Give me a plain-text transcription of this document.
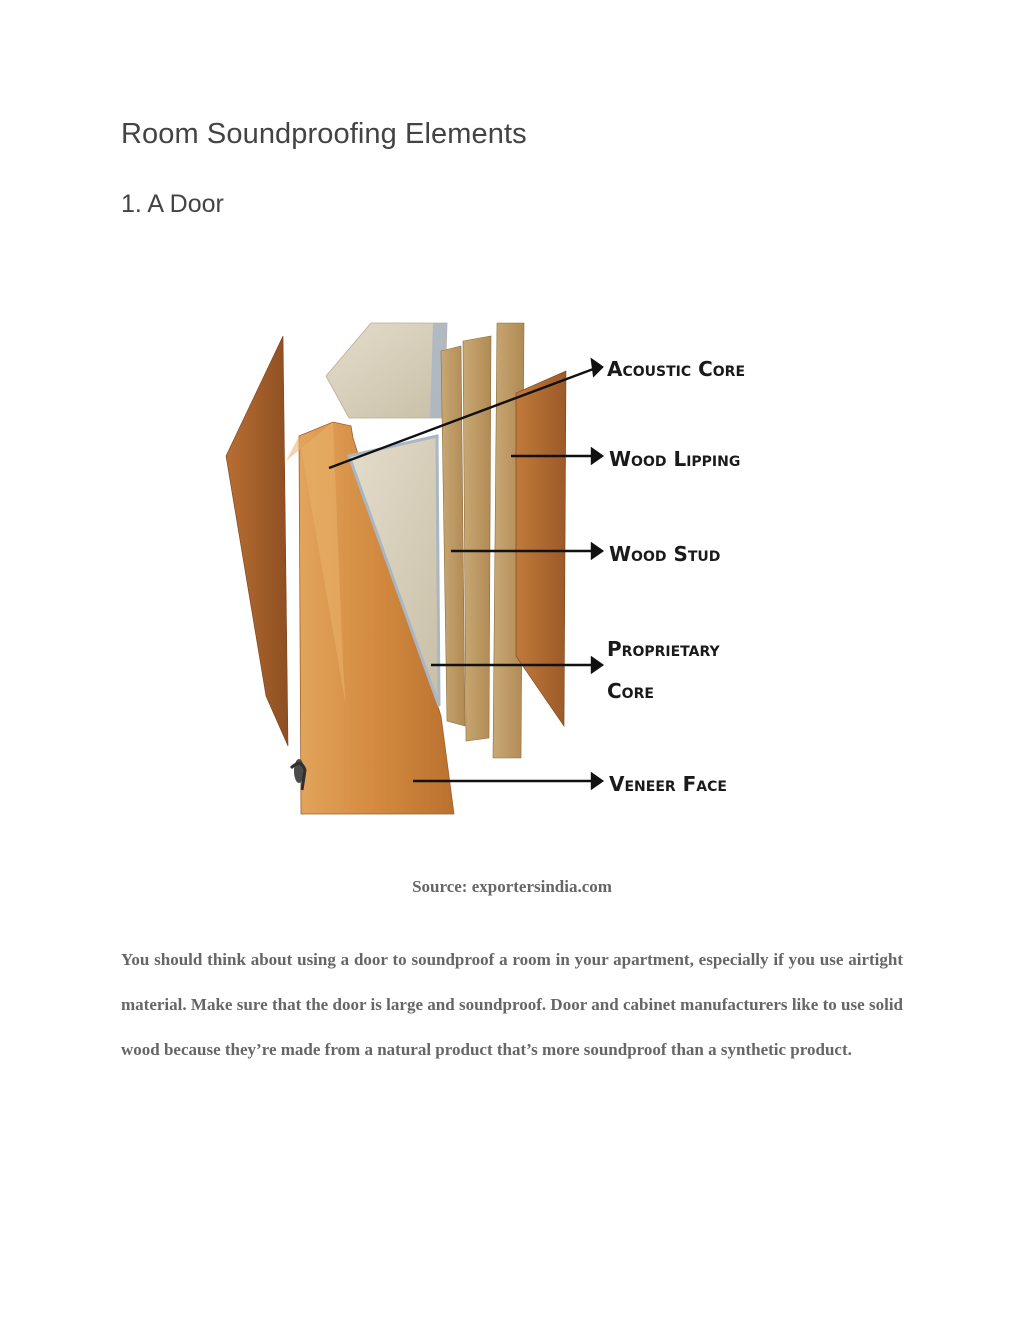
Room Soundproofing Elements
1. A Door
Acoustic Core
Wood Lipping
Wood Stud
Proprietary
Core
Veneer Face
Source: exportersindia.com

You should think about using a door to soundproof a room in your apartment, especially if you use airtight material. Make sure that the door is large and soundproof. Door and cabinet manufacturers like to use solid wood because they’re made from a natural product that’s more soundproof than a synthetic product.
